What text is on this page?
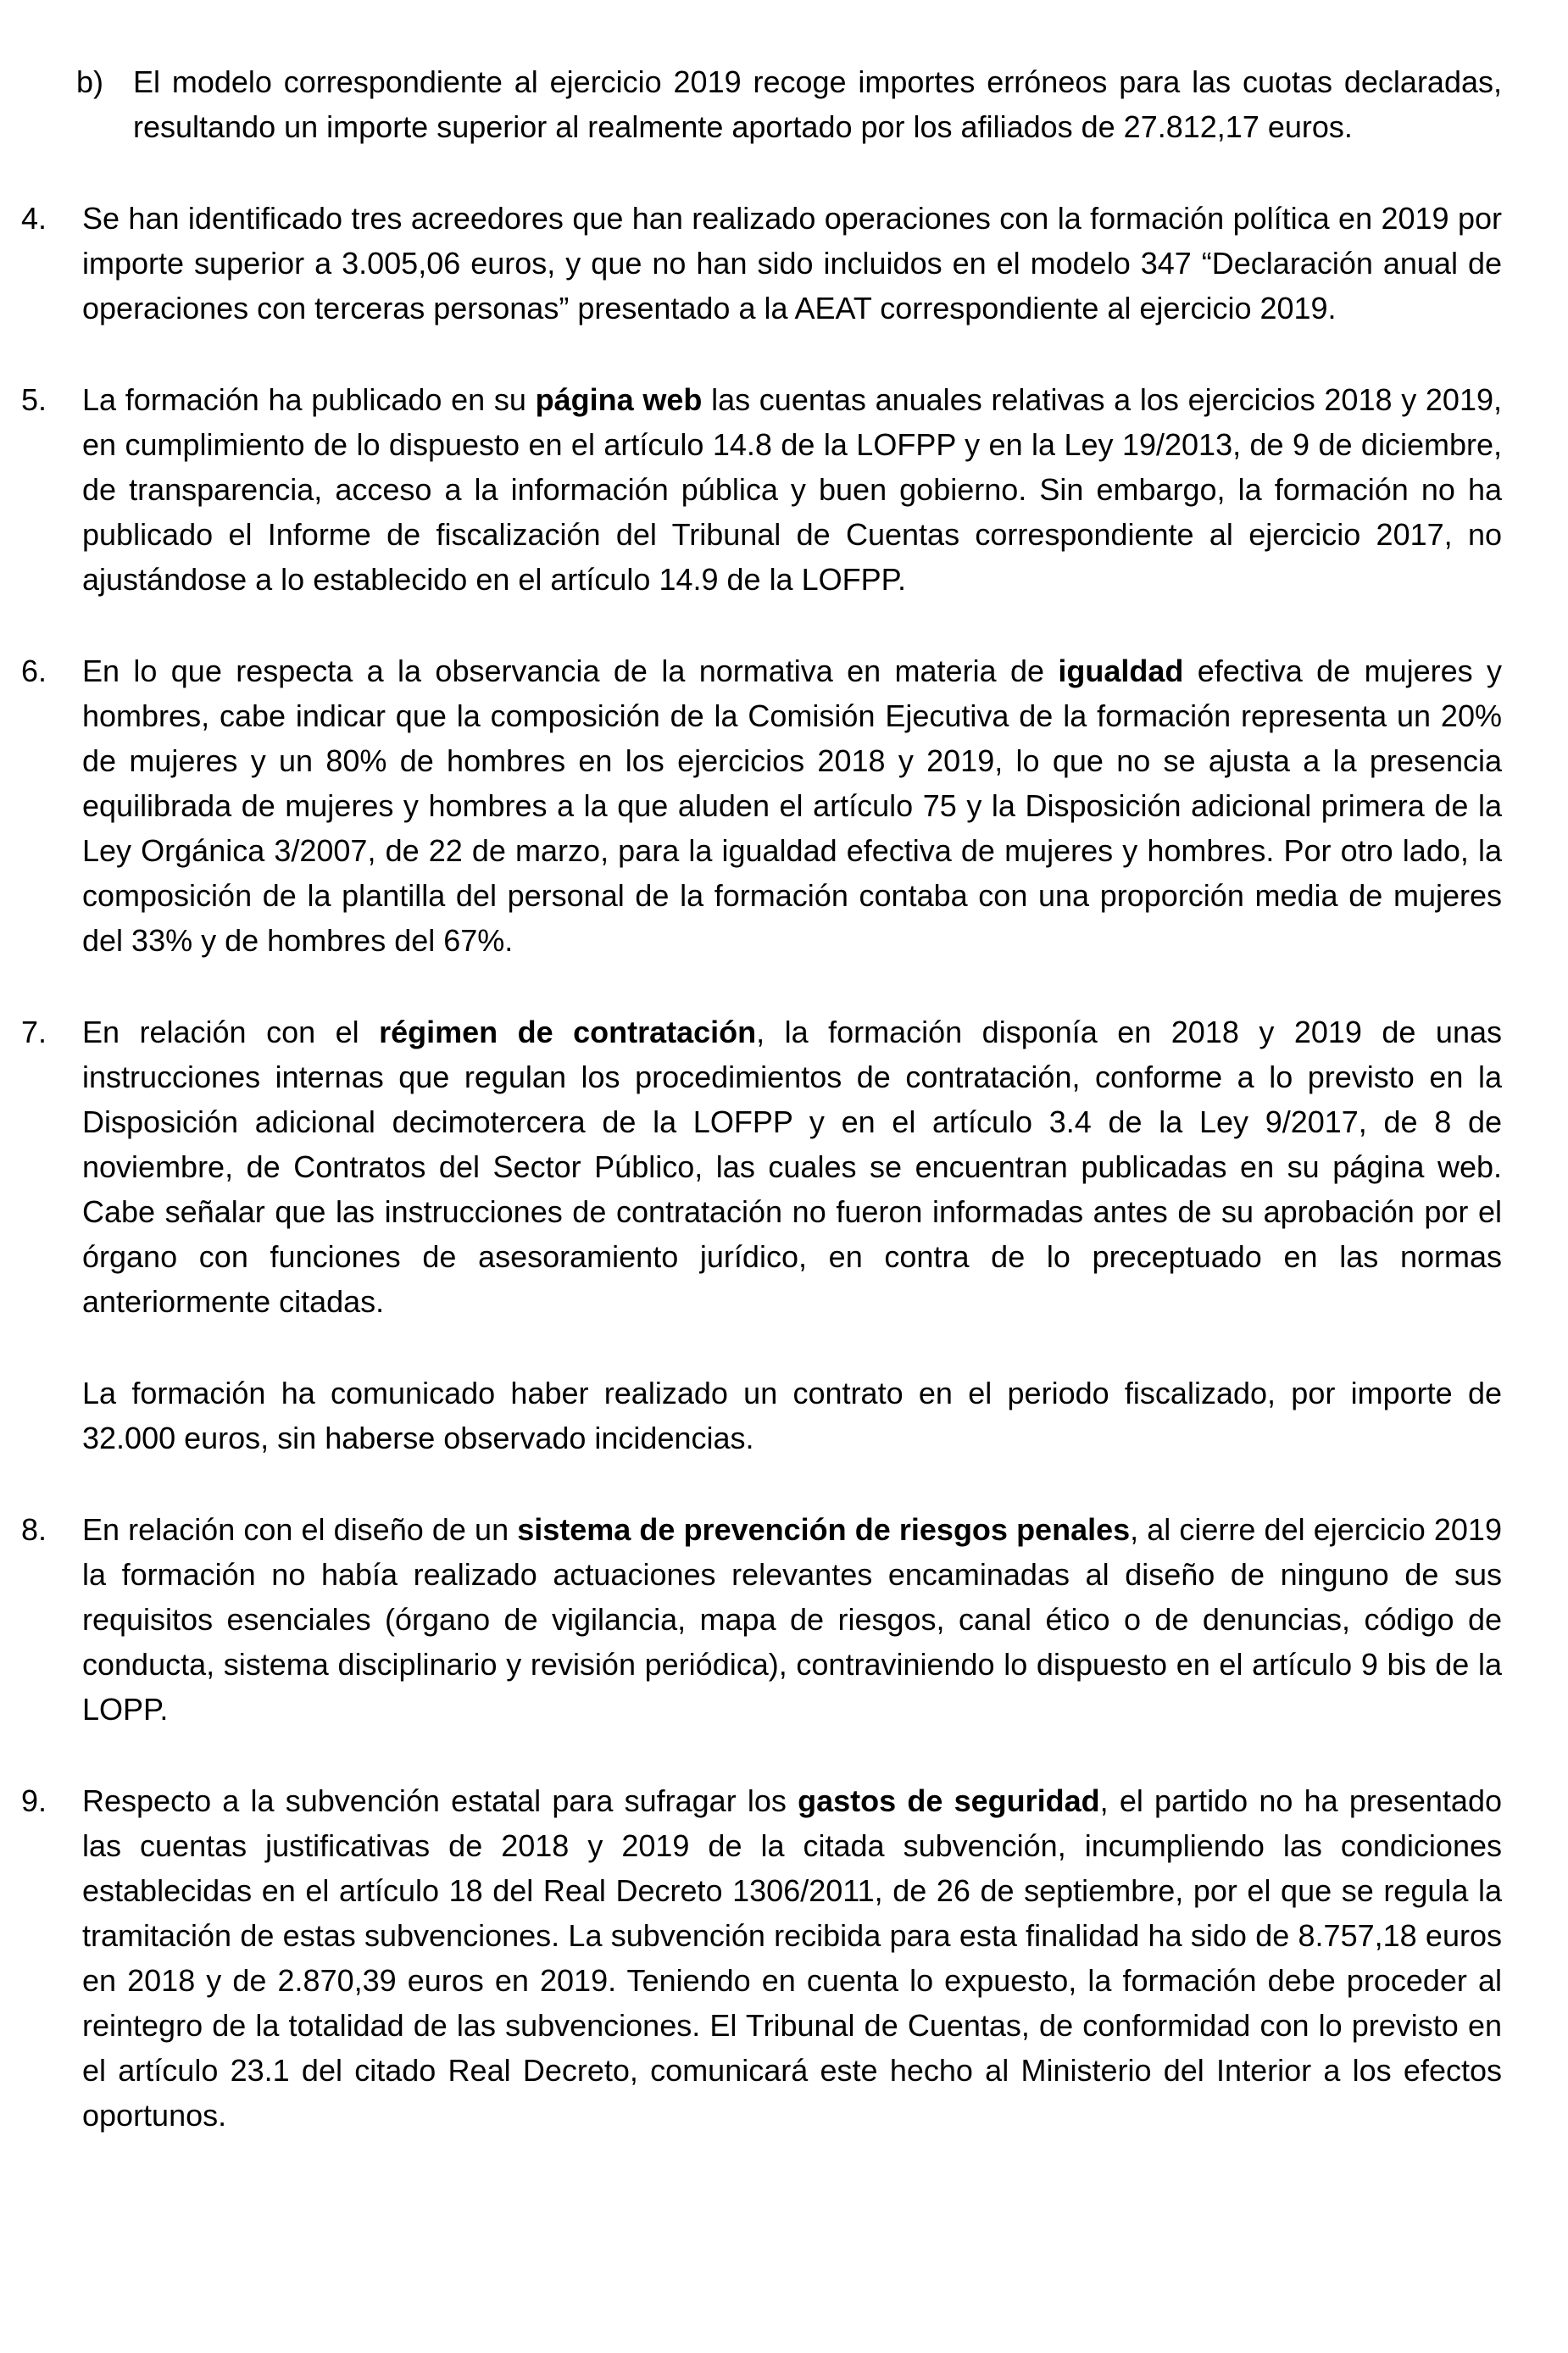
b) El modelo correspondiente al ejercicio 2019 recoge importes erróneos para las cuotas declaradas, resultando un importe superior al realmente aportado por los afiliados de 27.812,17 euros.
4.	Se han identificado tres acreedores que han realizado operaciones con la formación política en 2019 por importe superior a 3.005,06 euros, y que no han sido incluidos en el modelo 347 “Declaración anual de operaciones con terceras personas” presentado a la AEAT correspondiente al ejercicio 2019.
5.	La formación ha publicado en su página web las cuentas anuales relativas a los ejercicios 2018 y 2019, en cumplimiento de lo dispuesto en el artículo 14.8 de la LOFPP y en la Ley 19/2013, de 9 de diciembre, de transparencia, acceso a la información pública y buen gobierno. Sin embargo, la formación no ha publicado el Informe de fiscalización del Tribunal de Cuentas correspondiente al ejercicio 2017, no ajustándose a lo establecido en el artículo 14.9 de la LOFPP.
6.	En lo que respecta a la observancia de la normativa en materia de igualdad efectiva de mujeres y hombres, cabe indicar que la composición de la Comisión Ejecutiva de la formación representa un 20% de mujeres y un 80% de hombres en los ejercicios 2018 y 2019, lo que no se ajusta a la presencia equilibrada de mujeres y hombres a la que aluden el artículo 75 y la Disposición adicional primera de la Ley Orgánica 3/2007, de 22 de marzo, para la igualdad efectiva de mujeres y hombres. Por otro lado, la composición de la plantilla del personal de la formación contaba con una proporción media de mujeres del 33% y de hombres del 67%.
7.	En relación con el régimen de contratación, la formación disponía en 2018 y 2019 de unas instrucciones internas que regulan los procedimientos de contratación, conforme a lo previsto en la Disposición adicional decimotercera de la LOFPP y en el artículo 3.4 de la Ley 9/2017, de 8 de noviembre, de Contratos del Sector Público, las cuales se encuentran publicadas en su página web. Cabe señalar que las instrucciones de contratación no fueron informadas antes de su aprobación por el órgano con funciones de asesoramiento jurídico, en contra de lo preceptuado en las normas anteriormente citadas.
La formación ha comunicado haber realizado un contrato en el periodo fiscalizado, por importe de 32.000 euros, sin haberse observado incidencias.
8.	En relación con el diseño de un sistema de prevención de riesgos penales, al cierre del ejercicio 2019 la formación no había realizado actuaciones relevantes encaminadas al diseño de ninguno de sus requisitos esenciales (órgano de vigilancia, mapa de riesgos, canal ético o de denuncias, código de conducta, sistema disciplinario y revisión periódica), contraviniendo lo dispuesto en el artículo 9 bis de la LOPP.
9.	Respecto a la subvención estatal para sufragar los gastos de seguridad, el partido no ha presentado las cuentas justificativas de 2018 y 2019 de la citada subvención, incumpliendo las condiciones establecidas en el artículo 18 del Real Decreto 1306/2011, de 26 de septiembre, por el que se regula la tramitación de estas subvenciones. La subvención recibida para esta finalidad ha sido de 8.757,18 euros en 2018 y de 2.870,39 euros en 2019. Teniendo en cuenta lo expuesto, la formación debe proceder al reintegro de la totalidad de las subvenciones. El Tribunal de Cuentas, de conformidad con lo previsto en el artículo 23.1 del citado Real Decreto, comunicará este hecho al Ministerio del Interior a los efectos oportunos.
